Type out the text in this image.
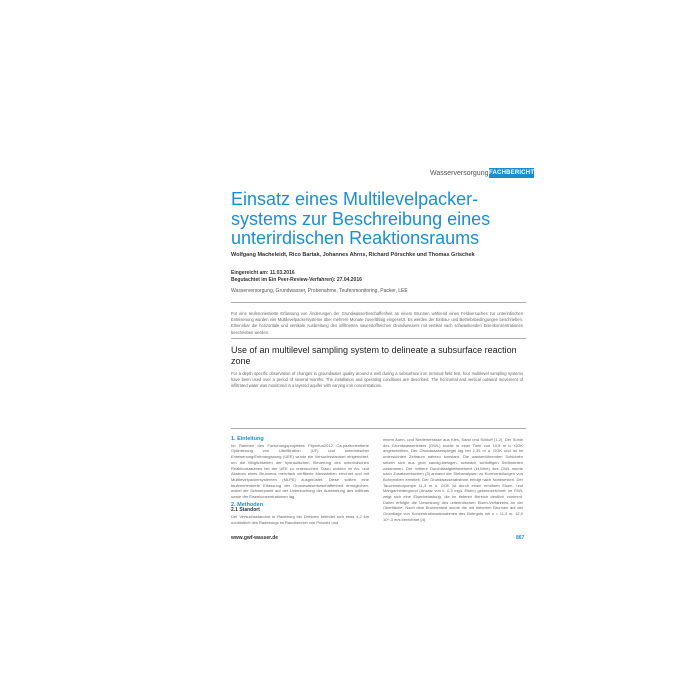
Wasserversorgung FACHBERICHT
Einsatz eines Multilevelpacker-systems zur Beschreibung eines unterirdischen Reaktionsraums
Wolfgang Macheleidt, Rico Bartak, Johannes Ahrns, Richard Pörschke und Thomas Grischek
Eingereicht am: 11.03.2016
Begutachtet im Ein Peer-Review-Verfahren): 27.04.2016
Wasserversorgung, Grundwasser, Probenahme, Teufenmonitoring, Packer, LEE
Für eine teufenorientierte Erfassung von Änderungen der Grundwasserbeschaffenheit an einem Brunnen während eines Feldversuches zur unterirdischen Enteisenung wurden vier Multilevelpackersysteme über mehrere Monate zuverlässig eingesetzt. Es werden der Einbau- und Betriebsbedingungen beschrieben. Erkennbar die horizontale und vertikale Ausbreitung des infiltrierten sauerstoffreichen Grundwassers mit vertikal nach schwankenden Eisenkonzentrationen beschrieben werden.
Use of an multilevel sampling system to delineate a subsurface reaction zone
For a depth specific observation of changes in groundwater quality around a well during a subsurface iron removal field test, four multilevel sampling systems have been used over a period of several months. The installation and operating conditions are described. The horizontal and vertical outward movement of infiltrated water was monitored in a layered aquifer with varying iron concentrations.
1. Einleitung
Im Rahmen des Forschungsprojektes Fitprofun2012 Ca-pazitorientierte Optimierung von UferfiltratIon (UF) und unterirdischer Enteisenung/Entmanganung (UEE) wurde ein Versuchsstandort eingerichtet, um die Möglichkeiten der hydraulischen Steuerung des unterirdischen Reaktionsraumes bei der UEE zu untersuchen. Dazu wurden im An- und Abstrom eines Brunnens mehrfach verfilterte Messstellen errichtet und mit Multilevelpackersystemen (MLPS) ausgerüstet. Diese sollten eine teufenorientierte Erfassung der Grundwasserbeschaffenheit ermöglichen, wobei die Schwerpunkt auf der Untersuchung der Ausbreitung des Infiltrats sowie der Eisenkonzentrationen lag.
2. Methoden
2.1 Standort
Der Versuchsstandort in Radeburg bei Dresden befindet sich etwa 4,2 km nordöstlich des Radeburgs im Randbereich von Pulsnitz und
einem Auen- und Niederterrasse aus Kies, Sand und Schluff (1,2). Der Sohle des Grundwasserleiters (GWL) wurde in einer Tiefe von 10,5 m u. GOK angeschnitten. Der Grundwasserspiegel lag bei 2,35 m u. GOK und ist im untersuchten Zeitraum nahezu konstant. Die wasserführenden Schichten setzen sich aus grob sandig-kiesigen, schwach schluffigen Sedimenten zusammen. Der mittlere Durchlässigkeitsbeiwert (kf-Wert) des GWL wurde nach Zusatzversuchen [3] anhand der Siebanalysen zu Kornverteilungen von Bohrproben ermittelt. Der Grundwasserabstrom erfolgt nach Nordwesten. Der Tauchmotorpumpe 11,3 m u. GOK ist durch einen erhöhten Eisen- und Manganhintergrund (Ansatz von c. 0,3 mg/L Eisen) gekennzeichnet; im GWL zeigt sich eine Eisenbelastung, die im tieferen Bereich deutlich zunimmt. Daher erfolgte die Umsetzung des unterirdischen Eisen-Verfahrens an der Oberfläche. Nach dem Brunnentest wurde die mit höherem Brunnen auf der Grundlage von Konzentrationsabnahmen des Bohrguts mit c = 11,3 m, 12,0 10^-3 m/s berechnet [4].
www.gwf-wasser.de	867
